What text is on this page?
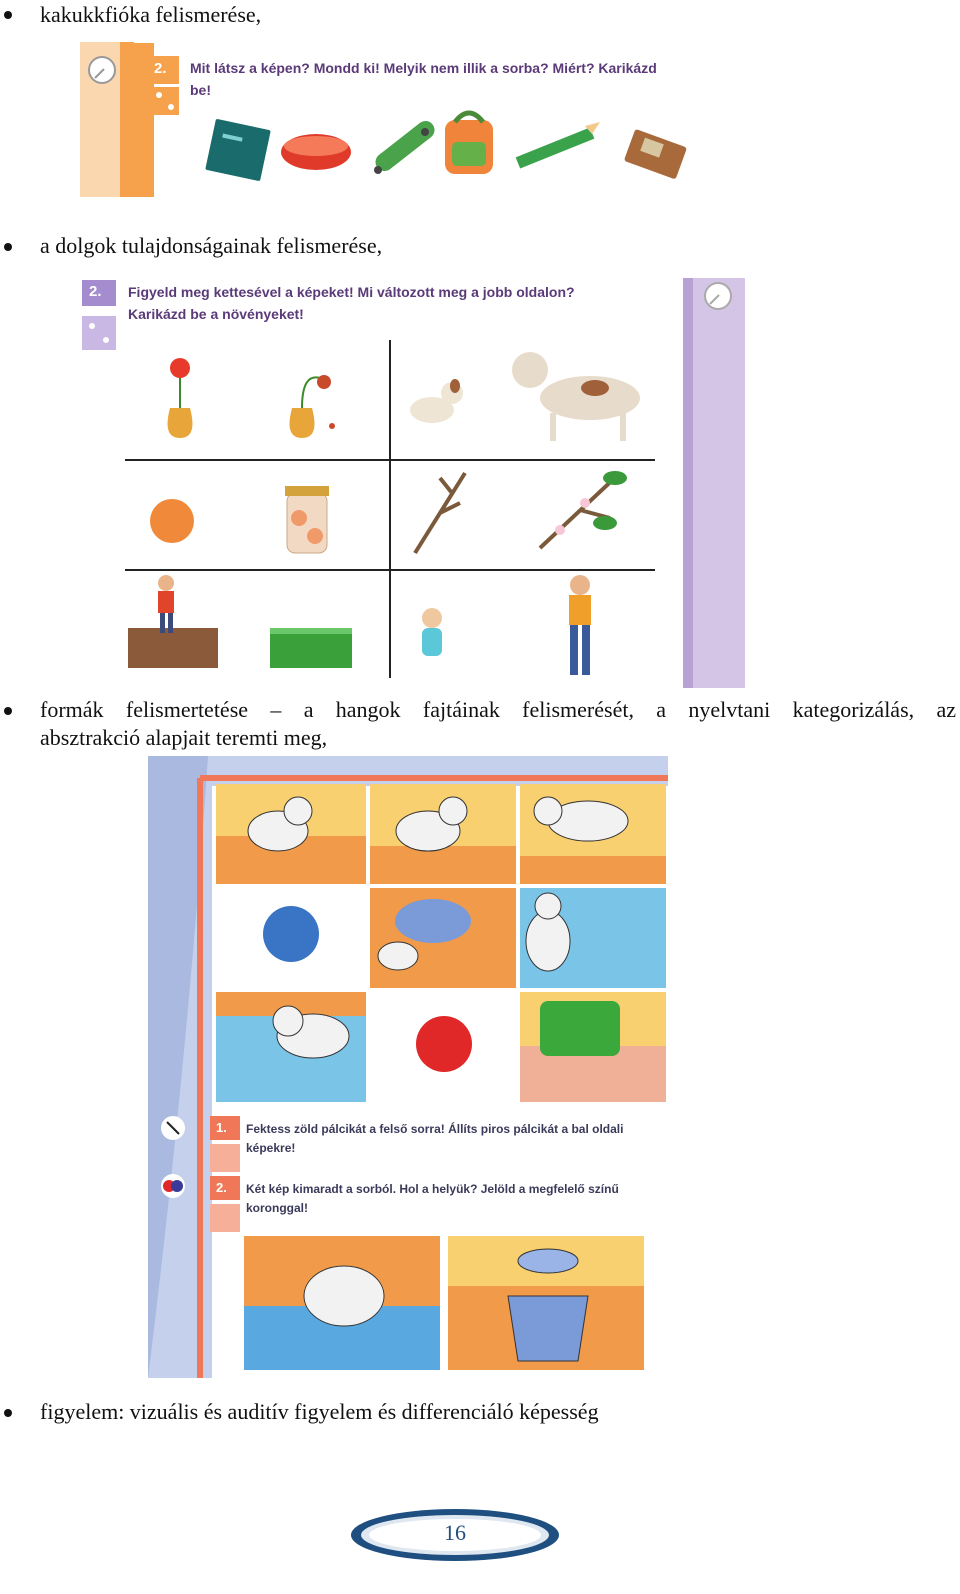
kakukkfióka felismerése,
2. Mit látsz a képen? Mondd ki! Melyik nem illik a sorba? Miért? Karikázd
be!
a dolgok tulajdonságainak felismerése,
2. Figyeld meg kettesével a képeket! Mi változott meg a jobb oldalon?
Karikázd be a növényeket!
formák felismertetése – a hangok fajtáinak felismerését, a nyelvtani kategorizálás, az
absztrakció alapjait teremti meg,
1. Fektess zöld pálcikát a felső sorra! Állíts piros pálcikát a bal oldali
képekre!
2. Két kép kimaradt a sorból. Hol a helyük? Jelöld a megfelelő színű
koronggal!
figyelem: vizuális és auditív figyelem és differenciáló képesség
16
